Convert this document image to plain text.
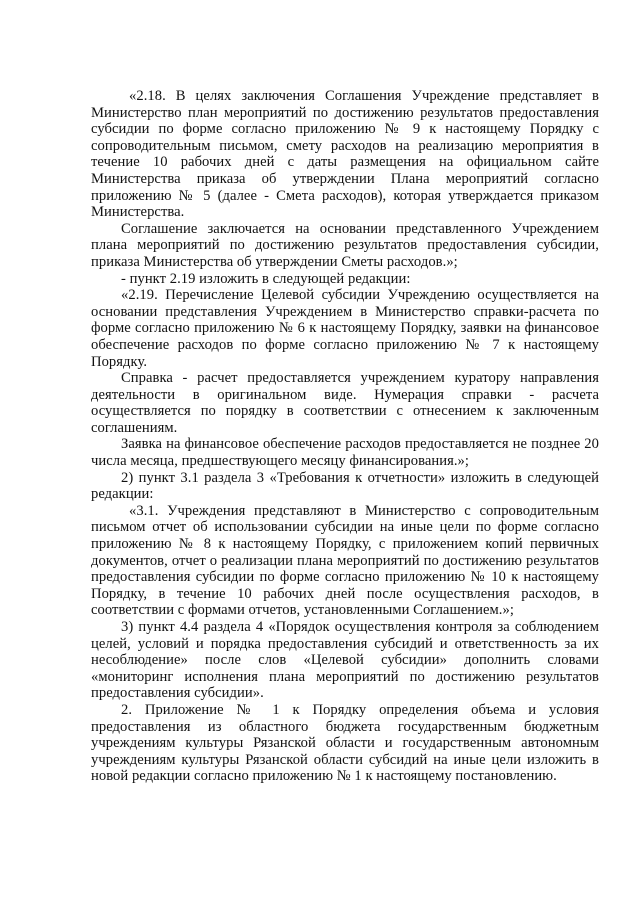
«2.18. В целях заключения Соглашения Учреждение представляет в Министерство план мероприятий по достижению результатов предоставления субсидии по форме согласно приложению № 9 к настоящему Порядку с сопроводительным письмом, смету расходов на реализацию мероприятия в течение 10 рабочих дней с даты размещения на официальном сайте Министерства приказа об утверждении Плана мероприятий согласно приложению № 5 (далее - Смета расходов), которая утверждается приказом Министерства.

Соглашение заключается на основании представленного Учреждением плана мероприятий по достижению результатов предоставления субсидии, приказа Министерства об утверждении Сметы расходов.»;

- пункт 2.19 изложить в следующей редакции:

«2.19. Перечисление Целевой субсидии Учреждению осуществляется на основании представления Учреждением в Министерство справки-расчета по форме согласно приложению № 6 к настоящему Порядку, заявки на финансовое обеспечение расходов по форме согласно приложению № 7 к настоящему Порядку.

Справка - расчет предоставляется учреждением куратору направления деятельности в оригинальном виде. Нумерация справки - расчета осуществляется по порядку в соответствии с отнесением к заключенным соглашениям.

Заявка на финансовое обеспечение расходов предоставляется не позднее 20 числа месяца, предшествующего месяцу финансирования.»;

2) пункт 3.1 раздела 3 «Требования к отчетности» изложить в следующей редакции:

«3.1. Учреждения представляют в Министерство с сопроводительным письмом отчет об использовании субсидии на иные цели по форме согласно приложению № 8 к настоящему Порядку, с приложением копий первичных документов, отчет о реализации плана мероприятий по достижению результатов предоставления субсидии по форме согласно приложению № 10 к настоящему Порядку, в течение 10 рабочих дней после осуществления расходов, в соответствии с формами отчетов, установленными Соглашением.»;

3) пункт 4.4 раздела 4 «Порядок осуществления контроля за соблюдением целей, условий и порядка предоставления субсидий и ответственность за их несоблюдение» после слов «Целевой субсидии» дополнить словами «мониторинг исполнения плана мероприятий по достижению результатов предоставления субсидии».

2. Приложение № 1 к Порядку определения объема и условия предоставления из областного бюджета государственным бюджетным учреждениям культуры Рязанской области и государственным автономным учреждениям культуры Рязанской области субсидий на иные цели изложить в новой редакции согласно приложению № 1 к настоящему постановлению.
